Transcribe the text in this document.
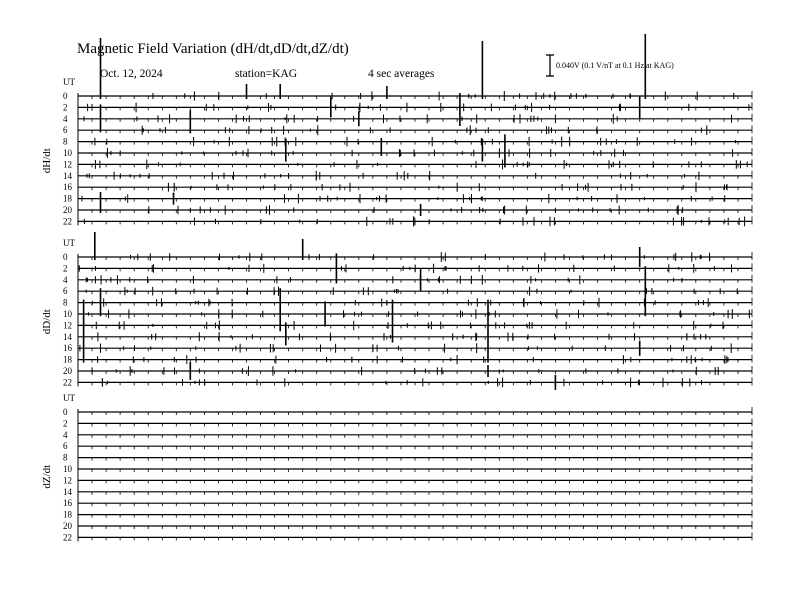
Magnetic Field Variation (dH/dt,dD/dt,dZ/dt)
Oct. 12, 2024	station=KAG	4 sec averages
0.040V (0.1 V/nT at 0.1 Hz at KAG)
UT
dH/dt
0
2
4
6
8
10
12
14
16
18
20
22
UT
dD/dt
0
2
4
6
8
10
12
14
16
18
20
22
UT
dZ/dt
0
2
4
6
8
10
12
14
16
18
20
22
